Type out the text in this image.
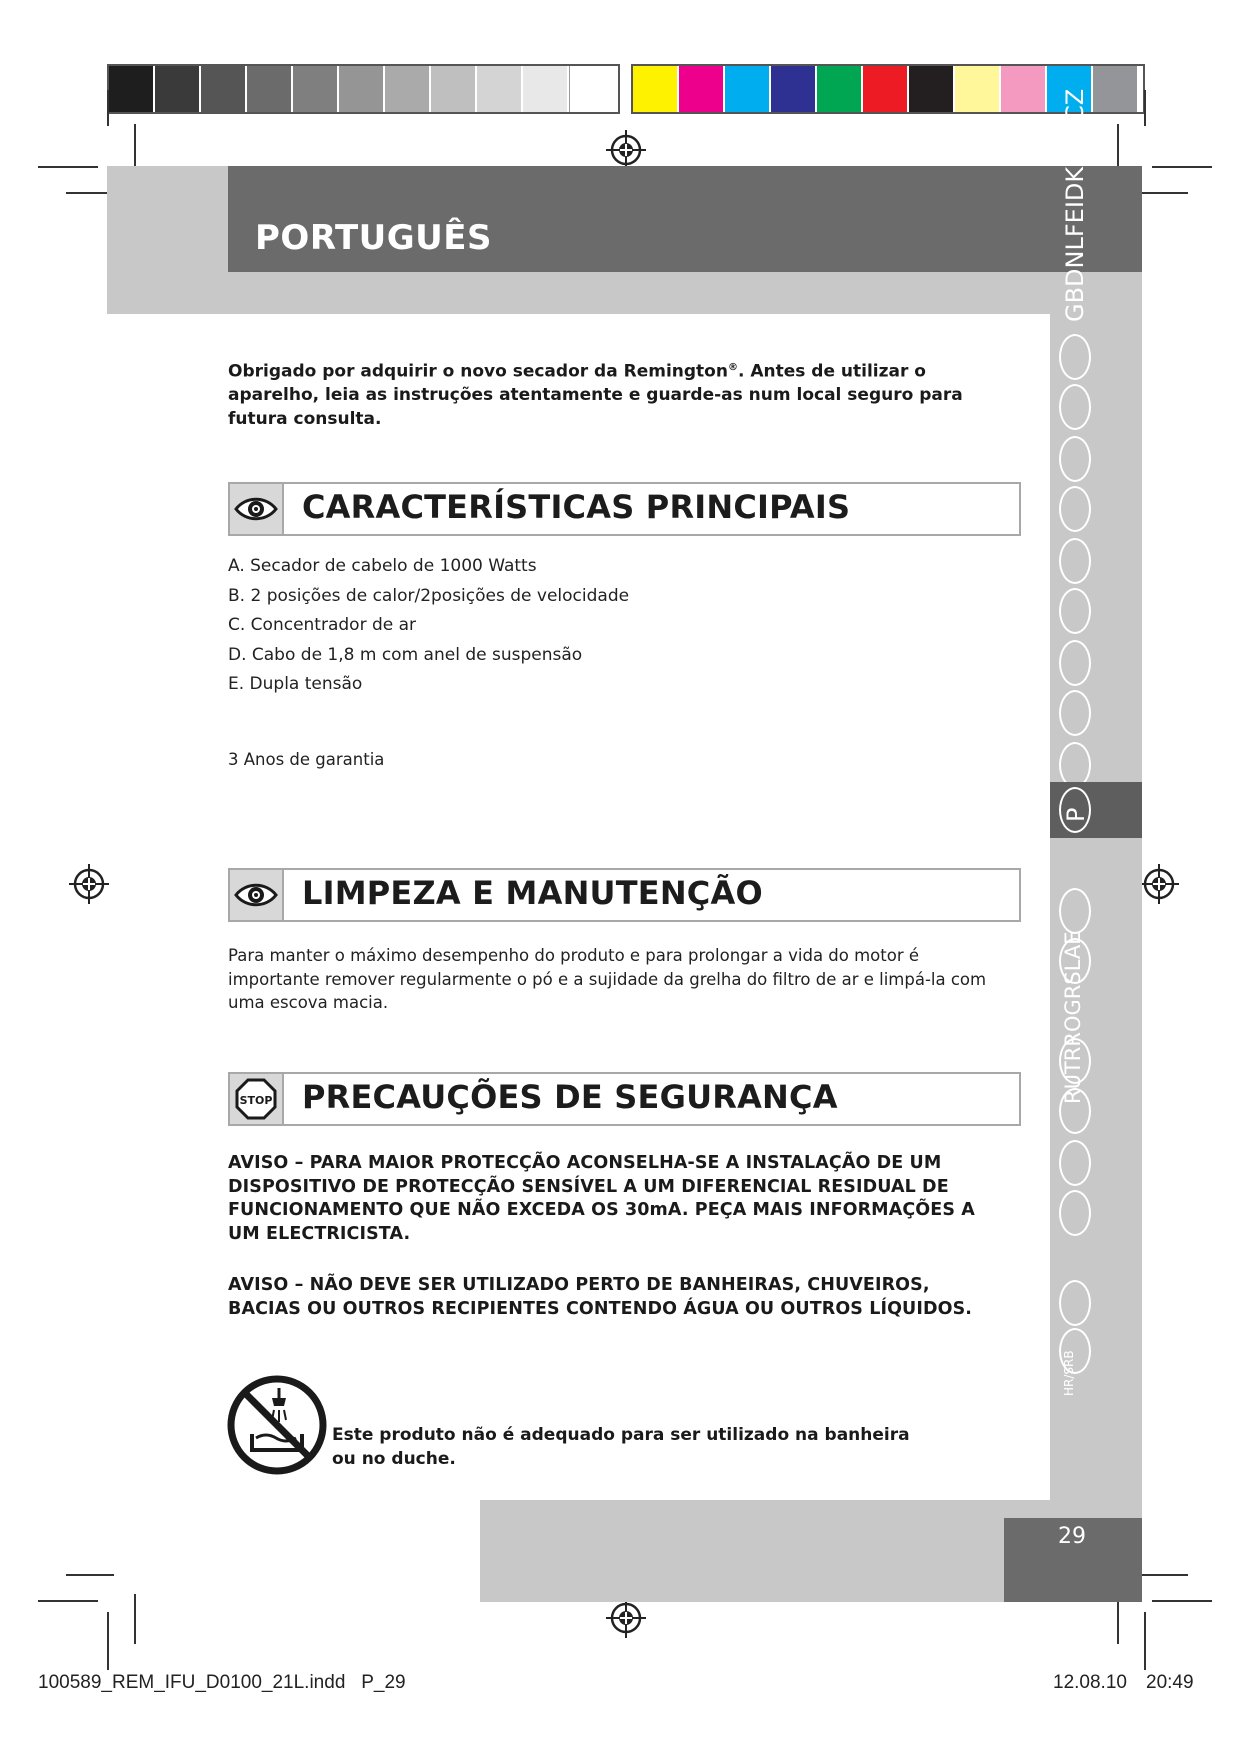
PORTUGUÊS	GBDNLFEIDKSSKCZ
P
RUTRROGRSLAE
HR/SRB
Obrigado por adquirir o novo secador da Remington®. Antes de utilizar o aparelho, leia as instruções atentamente e guarde-as num local seguro para futura consulta.
CARACTERÍSTICAS PRINCIPAIS
A. Secador de cabelo de 1000 Watts
B. 2 posições de calor/2posições de velocidade
C. Concentrador de ar
D. Cabo de 1,8 m com anel de suspensão
E. Dupla tensão
3 Anos de garantia
LIMPEZA E MANUTENÇÃO
Para manter o máximo desempenho do produto e para prolongar a vida do motor é importante remover regularmente o pó e a sujidade da grelha do filtro de ar e limpá-la com uma escova macia.
STOP PRECAUÇÕES DE SEGURANÇA
AVISO – PARA MAIOR PROTECÇÃO ACONSELHA-SE A INSTALAÇÃO DE UM DISPOSITIVO DE PROTECÇÃO SENSÍVEL A UM DIFERENCIAL RESIDUAL DE FUNCIONAMENTO QUE NÃO EXCEDA OS 30mA. PEÇA MAIS INFORMAÇÕES A UM ELECTRICISTA.
AVISO – NÃO DEVE SER UTILIZADO PERTO DE BANHEIRAS, CHUVEIROS, BACIAS OU OUTROS RECIPIENTES CONTENDO ÁGUA OU OUTROS LÍQUIDOS.
Este produto não é adequado para ser utilizado na banheira ou no duche.
29
100589_REM_IFU_D0100_21L.indd   P_29	12.08.10 20:49
